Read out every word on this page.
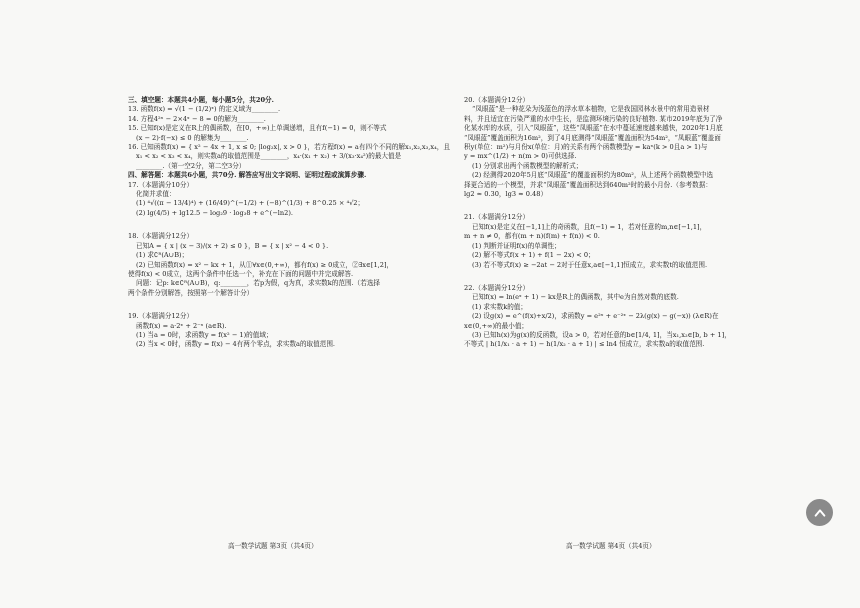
三、填空题：本题共4小题，每小题5分，共20分.
13. 函数f(x) = √(1 − (1/2)ˣ) 的定义域为________.
14. 方程4²ˣ − 2×4ˣ − 8 = 0的解为________.
15. 已知f(x)是定义在R上的偶函数，在[0，+∞)上单调递增，且有f(−1) = 0，则不等式
(x − 2)·f(−x) ≤ 0 的解集为________.
16. 已知函数f(x) = { x² − 4x + 1, x ≤ 0; |log₂x|, x > 0 }，若方程f(x) = a有四个不同的解x₁,x₂,x₃,x₄，且
x₁ < x₂ < x₃ < x₄，则实数a的取值范围是________，x₄·(x₁ + x₂) + 3/(x₃·x₄²)的最大值是
________.（第一空2分，第二空3分）
四、解答题：本题共6小题，共70分. 解答应写出文字说明、证明过程或演算步骤.
17.（本题满分10分）
化简并求值：
(1) ⁴√((π − 13/4)⁴) + (16/49)^(−1/2) + (−8)^(1/3) + 8^0.25 × ⁴√2；
(2) lg(4/5) + lg12.5 − log₂9 · log₃8 + e^(−ln2).
18.（本题满分12分）
已知A = { x | (x − 3)/(x + 2) ≤ 0 }，B = { x | x² − 4 < 0 }.
(1) 求∁ᴿ(A∪B)；
(2) 已知函数f(x) = x² − kx + 1，从①∀x∈(0,+∞)，都有f(x) ≥ 0成立，②∃x∈[1,2]，
使得f(x) < 0成立，这两个条件中任选一个，补充在下面的问题中并完成解答.
问题：记p: k∈∁ᴿ(A∪B)，q:________，若p为假，q为真，求实数k的范围.（若选择
两个条件分别解答，按照第一个解答计分）
19.（本题满分12分）
函数f(x) = a·2ˣ + 2⁻ˣ (a∈R).
(1) 当a = 0时，求函数y = f(x² − 1)的值域；
(2) 当x < 0时，函数y = f(x) − 4有两个零点，求实数a的取值范围.
20.（本题满分12分）
“凤眼蓝”是一种花朵为浅蓝色的浮水草本植物，它是我国园林水景中的常用造景材
料，并且适宜在污染严重的水中生长，是监测环境污染的良好植物. 某市2019年底为了净
化某水库的水质，引入“凤眼蓝”，这些“凤眼蓝”在水中蔓延速度越来越快，2020年1月底
“凤眼蓝”覆盖面积为16m²，到了4月底测得“凤眼蓝”覆盖面积为54m²，“凤眼蓝”覆盖面
积y(单位：m²)与月份x(单位：月)的关系有两个函数模型y = kaˣ(k > 0且a > 1)与
y = mx^(1/2) + n(m > 0)可供选择.
(1) 分别求出两个函数模型的解析式；
(2) 经测得2020年5月底“凤眼蓝”的覆盖面积约为80m²，从上述两个函数模型中选
择更合适的一个模型，并求“凤眼蓝”覆盖面积达到640m²时的最小月份.（参考数据：
lg2 ≈ 0.30，lg3 ≈ 0.48）
21.（本题满分12分）
已知f(x)是定义在[−1,1]上的奇函数，且f(−1) = 1，若对任意的m,n∈[−1,1]，
m + n ≠ 0，都有(m + n)(f(m) + f(n)) < 0.
(1) 判断并证明f(x)的单调性；
(2) 解不等式f(x + 1) + f(1 − 2x) < 0；
(3) 若不等式f(x) ≥ −2at − 2对于任意x,a∈[−1,1]恒成立，求实数t的取值范围.
22.（本题满分12分）
已知f(x) = ln(eˣ + 1) − kx是R上的偶函数，其中e为自然对数的底数.
(1) 求实数k的值；
(2) 设g(x) = e^(f(x)+x/2)，求函数y = e²ˣ + e⁻²ˣ − 2λ(g(x) − g(−x)) (λ∈R)在
x∈(0,+∞)的最小值；
(3) 已知h(x)为g(x)的反函数，设a > 0，若对任意的b∈[1/4, 1]，当x₁,x₂∈[b, b + 1]，
不等式 | h(1/x₁ · a + 1) − h(1/x₂ · a + 1) | ≤ ln4 恒成立，求实数a的取值范围.
高一数学试题 第3页（共4页）	高一数学试题 第4页（共4页）
